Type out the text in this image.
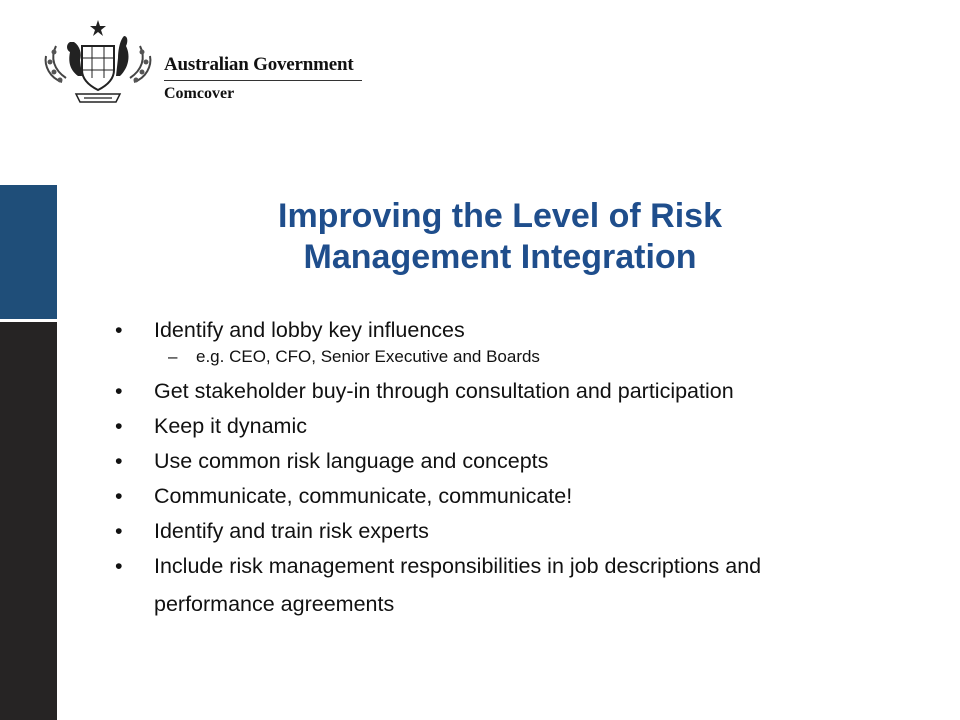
Australian Government
Comcover
Improving the Level of Risk
Management Integration
• Identify and lobby key influences
– e.g. CEO, CFO, Senior Executive and Boards
• Get stakeholder buy-in through consultation and participation
• Keep it dynamic
• Use common risk language and concepts
• Communicate, communicate, communicate!
• Identify and train risk experts
• Include risk management responsibilities in job descriptions and performance agreements
